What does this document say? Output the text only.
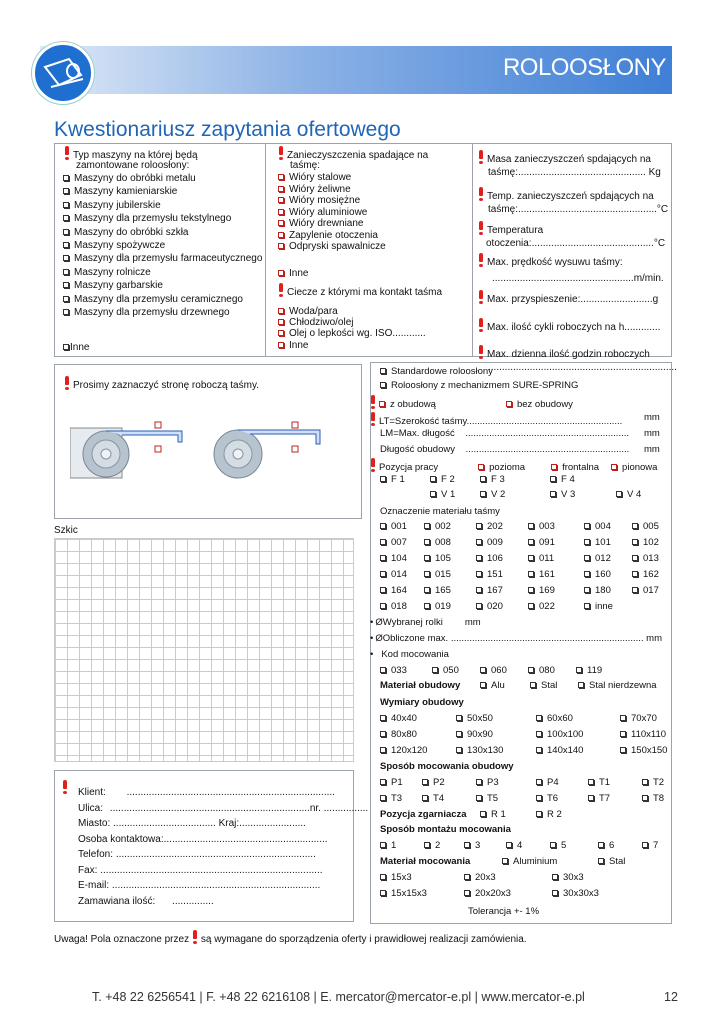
ROLOOSŁONY
Kwestionariusz zapytania ofertowego
Typ maszyny na której będą
zamontowane roloosłony:
Maszyny do obróbki metalu
Maszyny kamieniarskie
Maszyny jubilerskie
Maszyny dla przemysłu tekstylnego
Maszyny do obróbki szkła
Maszyny spożywcze
Maszyny dla przemysłu farmaceutycznego
Maszyny rolnicze
Maszyny garbarskie
Maszyny dla przemysłu ceramicznego
Maszyny dla przemysłu drzewnego
Inne
Zanieczyszczenia spadające na
taśmę:
Wióry stalowe
Wióry żeliwne
Wióry mosiężne
Wióry aluminiowe
Wióry drewniane
Zapylenie otoczenia
Odpryski spawalnicze
Inne
Ciecze z którymi ma kontakt taśma
Woda/para
Chłodziwo/olej
Olej o lepkości wg. ISO............
Inne
Masa zanieczyszczeń spdających na
taśmę:.............................................. Kg
Temp. zanieczyszczeń spdających na
taśmę:..................................................°C
Temperatura
otoczenia:............................................°C
Max. prędkość wysuwu taśmy:
...................................................m/min.
Max. przyspieszenie:..........................g
Max. ilość cykli roboczych na h.............
Max. dzienna ilość godzin roboczych
....................................................................
Prosimy zaznaczyć stronę roboczą taśmy.
Szkic
Klient: ...........................................................................
Ulica: ........................................................................nr. ................
Miasto: ..................................... Kraj:........................
Osoba kontaktowa:...........................................................
Telefon: ........................................................................
Fax: ................................................................................
E-mail: ...........................................................................
Zamawiana ilość: ...............
Standardowe roloosłony
Roloosłony z mechanizmem SURE-SPRING
z obudową	bez obudowy
LT=Szerokość taśmy........................................................... mm
LM=Max. długość .............................................................. mm
Długość obudowy .............................................................. mm
Pozycja pracy	pozioma	frontalna pionowa
F 1	F 2	F 3	F 4
V 1	V 2	V 3	V 4
Oznaczenie materiału taśmy
001	002	202	003	004	005
007	008	009	091	101	102
104	105	106	011	012	013
014	015	151	161	160	162
164	165	167	169	180	017
018	019	020	022	inne
• ØWybranej rolki mm
• ØObliczone max. ......................................................................... mm
• Kod mocowania
033	050	060	080	119
Materiał obudowy	Alu	Stal	Stal nierdzewna
Wymiary obudowy
40x40	50x50	60x60	70x70
80x80	90x90	100x100	110x110
120x120	130x130	140x140	150x150
Sposób mocowania obudowy
P1	P2	P3	P4	T1	T2
T3	T4	T5	T6	T7	T8
Pozycja zgarniacza	R 1	R 2
Sposób montażu mocowania
1	2	3	4	5	6	7
Materiał mocowania	Aluminium	Stal
15x3	20x3	30x3
15x15x3	20x20x3	30x30x3
Tolerancja +- 1%
Uwaga! Pola oznaczone przez są wymagane do sporządzenia oferty i prawidłowej realizacji zamówienia.
T. +48 22 6256541 | F. +48 22 6216108 | E. mercator@mercator-e.pl | www.mercator-e.pl	12
